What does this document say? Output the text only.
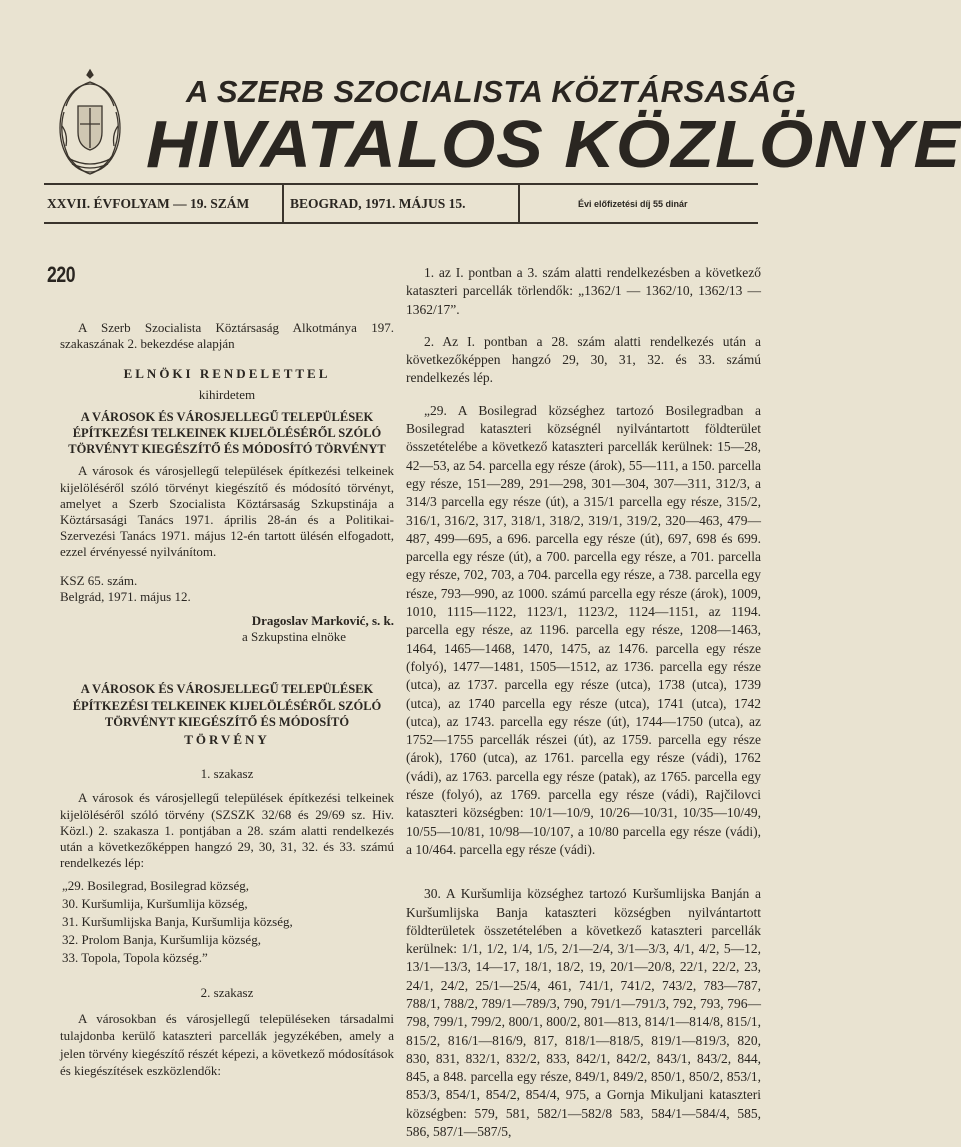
A SZERB SZOCIALISTA KÖZTÁRSASÁG
HIVATALOS KÖZLÖNYE
XXVII. ÉVFOLYAM — 19. SZÁM	BEOGRAD, 1971. MÁJUS 15.	Évi előfizetési díj 55 dinár
220

A Szerb Szocialista Köztársaság Alkotmánya 197. szakaszának 2. bekezdése alapján

ELNÖKI RENDELETTEL

kihirdetem

A VÁROSOK ÉS VÁROSJELLEGŰ TELEPÜLÉSEK ÉPÍTKEZÉSI TELKEINEK KIJELÖLÉSÉRŐL SZÓLÓ TÖRVÉNYT KIEGÉSZÍTŐ ÉS MÓDOSÍTÓ TÖRVÉNYT

A városok és városjellegű települések építkezési telkeinek kijelöléséről szóló törvényt kiegészítő és módosító törvényt, amelyet a Szerb Szocialista Köztársaság Szkupstinája a Köztársasági Tanács 1971. április 28-án és a Politikai-Szervezési Tanács 1971. május 12-én tartott ülésén elfogadott, ezzel érvényessé nyilvánítom.

KSZ 65. szám.

Belgrád, 1971. május 12.

Dragoslav Marković, s. k.

a Szkupstina elnöke

A VÁROSOK ÉS VÁROSJELLEGŰ TELEPÜLÉSEK ÉPÍTKEZÉSI TELKEINEK KIJELÖLÉSÉRŐL SZÓLÓ TÖRVÉNYT KIEGÉSZÍTŐ ÉS MÓDOSÍTÓ

TÖRVÉNY

1. szakasz

A városok és városjellegű települések építkezési telkeinek kijelöléséről szóló törvény (SZSZK 32/68 és 29/69 sz. Hiv. Közl.) 2. szakasza 1. pontjában a 28. szám alatti rendelkezés után a következőképpen hangzó 29, 30, 31, 32. és 33. számú rendelkezés lép:

„29. Bosilegrad, Bosilegrad község,

30. Kuršumlija, Kuršumlija község,

31. Kuršumlijska Banja, Kuršumlija község,

32. Prolom Banja, Kuršumlija község,

33. Topola, Topola község.”

2. szakasz

A városokban és városjellegű településeken társadalmi tulajdonba kerülő kataszteri parcellák jegyzékében, amely a jelen törvény kiegészítő részét képezi, a következő módosítások és kiegészítések eszközlendők:

1. az I. pontban a 3. szám alatti rendelkezésben a következő kataszteri parcellák törlendők: „1362/1 — 1362/10, 1362/13 — 1362/17”.

2. Az I. pontban a 28. szám alatti rendelkezés után a következőképpen hangzó 29, 30, 31, 32. és 33. számú rendelkezés lép.

„29. A Bosilegrad községhez tartozó Bosilegradban a Bosilegrad kataszteri községnél nyilvántartott földterület összetételébe a következő kataszteri parcellák kerülnek: 15—28, 42—53, az 54. parcella egy része (árok), 55—111, a 150. parcella egy része, 151—289, 291—298, 301—304, 307—311, 312/3, a 314/3 parcella egy része (út), a 315/1 parcella egy része, 315/2, 316/1, 316/2, 317, 318/1, 318/2, 319/1, 319/2, 320—463, 479—487, 499—695, a 696. parcella egy része (út), 697, 698 és 699. parcella egy része (út), a 700. parcella egy része, a 701. parcella egy része, 702, 703, a 704. parcella egy része, a 738. parcella egy része, 793—990, az 1000. számú parcella egy része (árok), 1009, 1010, 1115—1122, 1123/1, 1123/2, 1124—1151, az 1194. parcella egy része, az 1196. parcella egy része, 1208—1463, 1464, 1465—1468, 1470, 1475, az 1476. parcella egy része (folyó), 1477—1481, 1505—1512, az 1736. parcella egy része (utca), az 1737. parcella egy része (utca), 1738 (utca), 1739 (utca), az 1740 parcella egy része (utca), 1741 (utca), 1742 (utca), az 1743. parcella egy része (út), 1744—1750 (utca), az 1752—1755 parcellák részei (út), az 1759. parcella egy része (árok), 1760 (utca), az 1761. parcella egy része (vádi), 1762 (vádi), az 1763. parcella egy része (patak), az 1765. parcella egy része (folyó), az 1769. parcella egy része (vádi), Rajčilovci kataszteri községben: 10/1—10/9, 10/26—10/31, 10/35—10/49, 10/55—10/81, 10/98—10/107, a 10/80 parcella egy része (vádi), a 10/464. parcella egy része (vádi).

30. A Kuršumlija községhez tartozó Kuršumlijska Banján a Kuršumlijska Banja kataszteri községben nyilvántartott földterületek összetételében a következő kataszteri parcellák kerülnek: 1/1, 1/2, 1/4, 1/5, 2/1—2/4, 3/1—3/3, 4/1, 4/2, 5—12, 13/1—13/3, 14—17, 18/1, 18/2, 19, 20/1—20/8, 22/1, 22/2, 23, 24/1, 24/2, 25/1—25/4, 461, 741/1, 741/2, 743/2, 783—787, 788/1, 788/2, 789/1—789/3, 790, 791/1—791/3, 792, 793, 796—798, 799/1, 799/2, 800/1, 800/2, 801—813, 814/1—814/8, 815/1, 815/2, 816/1—816/9, 817, 818/1—818/5, 819/1—819/3, 820, 830, 831, 832/1, 832/2, 833, 842/1, 842/2, 843/1, 843/2, 844, 845, a 848. parcella egy része, 849/1, 849/2, 850/1, 850/2, 853/1, 853/3, 854/1, 854/2, 854/4, 975, a Gornja Mikuljani kataszteri községben: 579, 581, 582/1—582/8 583, 584/1—584/4, 585, 586, 587/1—587/5,
